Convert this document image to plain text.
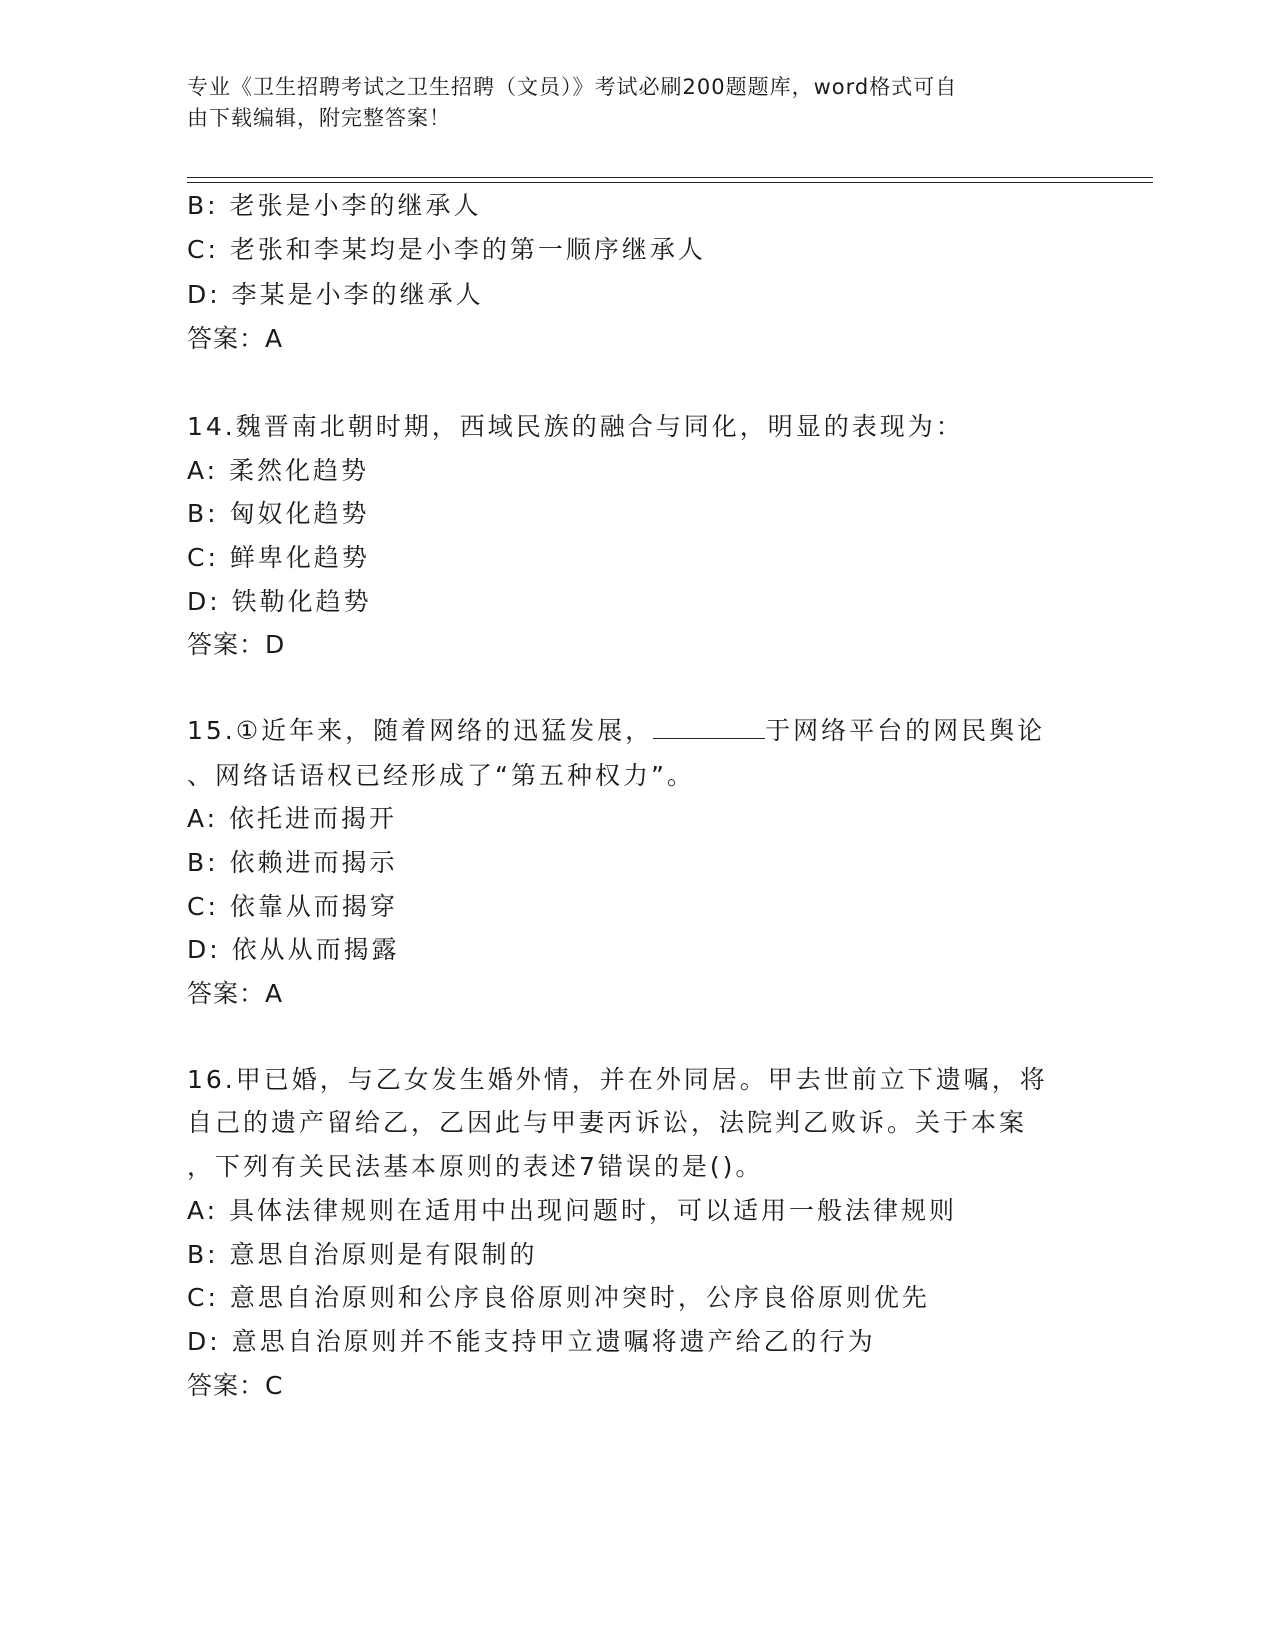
专业《卫生招聘考试之卫生招聘（文员）》考试必刷200题题库，word格式可自
由下载编辑，附完整答案！
B: 老张是小李的继承人
C: 老张和李某均是小李的第一顺序继承人
D: 李某是小李的继承人
答案：A
14.魏晋南北朝时期，西域民族的融合与同化，明显的表现为：
A: 柔然化趋势
B: 匈奴化趋势
C: 鲜卑化趋势
D: 铁勒化趋势
答案：D
15.①近年来，随着网络的迅猛发展，	于网络平台的网民舆论
、网络话语权已经形成了“第五种权力”。
A: 依托进而揭开
B: 依赖进而揭示
C: 依靠从而揭穿
D: 依从从而揭露
答案：A
16.甲已婚，与乙女发生婚外情，并在外同居。甲去世前立下遗嘱，将
自己的遗产留给乙，乙因此与甲妻丙诉讼，法院判乙败诉。关于本案
，下列有关民法基本原则的表述7错误的是()。
A: 具体法律规则在适用中出现问题时，可以适用一般法律规则
B: 意思自治原则是有限制的
C: 意思自治原则和公序良俗原则冲突时，公序良俗原则优先
D: 意思自治原则并不能支持甲立遗嘱将遗产给乙的行为
答案：C
